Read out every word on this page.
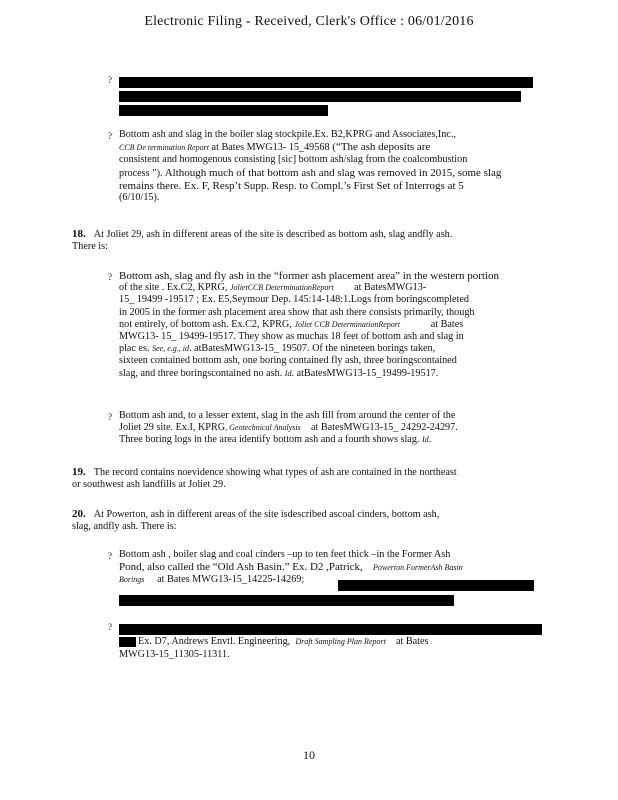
Electronic Filing - Received, Clerk's Office : 06/01/2016
?
? Bottom ash and slag in the boiler slag stockpile.Ex. B2,KPRG and Associates,Inc.,
CCB De termination Report at Bates MWG13- 15_49568 (“The ash deposits are
consistent and homogenous consisting [sic] bottom ash/slag from the coalcombustion
process ”). Although much of that bottom ash and slag was removed in 2015, some slag
remains there. Ex. F, Resp’t Supp. Resp. to Compl.’s First Set of Interrogs at 5
(6/10/15).
18. At Joliet 29, ash in different areas of the site is described as bottom ash, slag andfly ash.
There is:
? Bottom ash, slag and fly ash in the “former ash placement area” in the western portion
of the site . Ex.C2, KPRG, JolietCCB DeterminationReport at BatesMWG13-
15_ 19499 -19517 ; Ex. E5,Seymour Dep. 145:14-148:1.Logs from boringscompleted
in 2005 in the former ash placement area show that ash there consists primarily, though
not entirely, of bottom ash. Ex.C2, KPRG, Joliet CCB DeterminationReport	at Bates
MWG13- 15_ 19499-19517. They show as muchas 18 feet of bottom ash and slag in
plac es. See, e.g., id. atBatesMWG13-15_ 19507. Of the nineteen borings taken,
sixteen contained bottom ash, one boring contained fly ash, three boringscontained
slag, and three boringscontained no ash. Id. atBatesMWG13-15_19499-19517.
? Bottom ash and, to a lesser extent, slag in the ash fill from around the center of the
Joliet 29 site. Ex.I, KPRG, Geotechnical Analysis at BatesMWG13-15_ 24292-24297.
Three boring logs in the area identify bottom ash and a fourth shows slag. Id.
19. The record contains noevidence showing what types of ash are contained in the northeast
or southwest ash landfills at Joliet 29.
20. At Powerton, ash in different areas of the site isdescribed ascoal cinders, bottom ash,
slag, andfly ash. There is:
? Bottom ash , boiler slag and coal cinders –up to ten feet thick –in the Former Ash
Pond, also called the “Old Ash Basin.” Ex. D2 ,Patrick, Powerton FormerAsh Basin
Borings at Bates MWG13-15_14225-14269;
?
Ex. D7, Andrews Envtl. Engineering, Draft Sampling Plan Report at Bates
MWG13-15_11305-11311.
10
